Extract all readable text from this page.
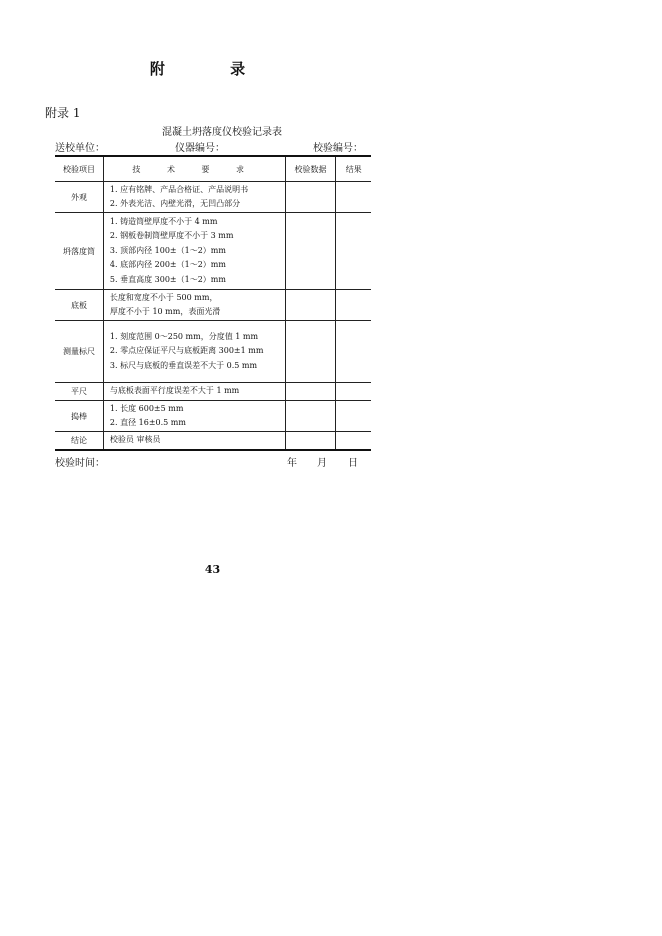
附 录
附录 1
混凝土坍落度仪校验记录表
送校单位：	仪器编号：	校验编号：
校验项目	技 术 要 求	校验数据	结果
外观	1. 应有铭牌、产品合格证、产品说明书
2. 外表光洁、内壁光滑，无凹凸部分		

坍落度筒	1. 铸造筒壁厚度不小于 4 mm
2. 钢板卷制筒壁厚度不小于 3 mm
3. 顶部内径 100±（1～2）mm
4. 底部内径 200±（1～2）mm
5. 垂直高度 300±（1～2）mm		

底板	长度和宽度不小于 500 mm，
厚度不小于 10 mm，表面光滑		

测量标尺	1. 刻度范围 0～250 mm，分度值 1 mm
2. 零点应保证平尺与底板距离 300±1 mm
3. 标尺与底板的垂直误差不大于 0.5 mm		

平尺	与底板表面平行度误差不大于 1 mm		

捣棒	1. 长度 600±5 mm
2. 直径 16±0.5 mm		

结论	校验员 审核员		

校验时间：	年 月 日
43
